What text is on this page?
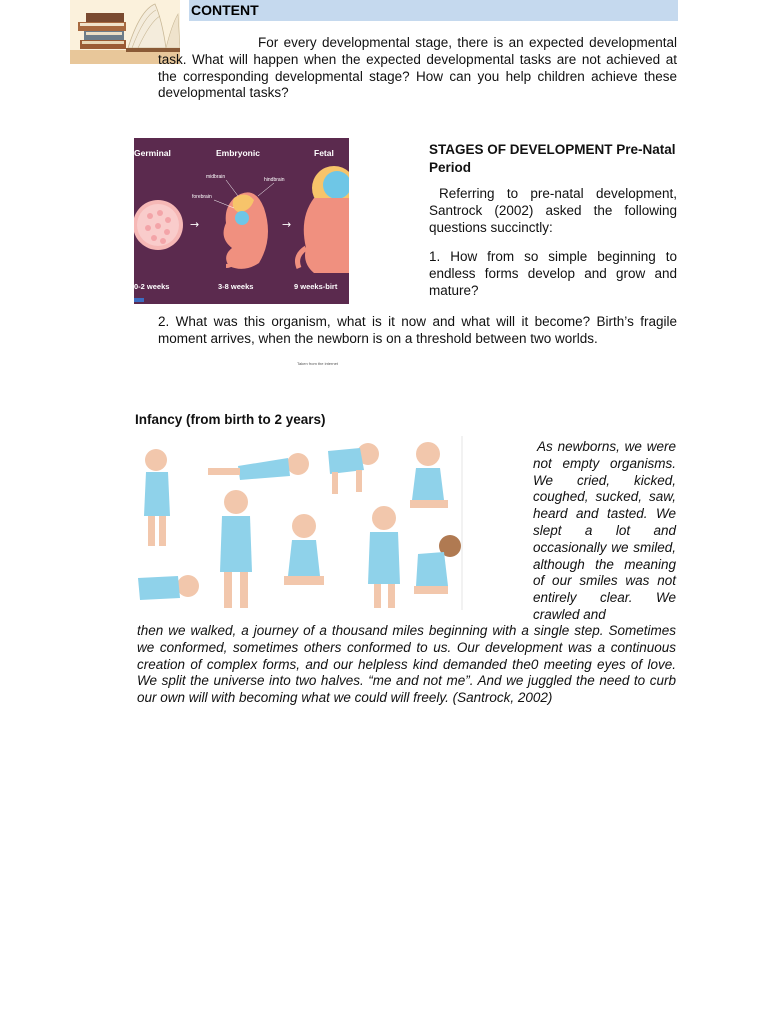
CONTENT
For every developmental stage, there is an expected developmental task. What will happen when the expected developmental tasks are not achieved at the corresponding developmental stage? How can you help children achieve these developmental tasks?
Germinal	Embryonic	Fetal
→	→
midbrain	hindbrain
forebrain
0-2 weeks	3-8 weeks	9 weeks-birt
STAGES OF DEVELOPMENT Pre-Natal Period
Referring to pre-natal development, Santrock (2002) asked the following questions succinctly:
1. How from so simple beginning to endless forms develop and grow and mature?
2. What was this organism, what is it now and what will it become? Birth’s fragile moment arrives, when the newborn is on a threshold between two worlds.
Taken from the internet
Infancy (from birth to 2 years)
As newborns, we were not empty organisms. We cried, kicked, coughed, sucked, saw, heard and tasted. We slept a lot and occasionally we smiled, although the meaning of our smiles was not entirely clear. We crawled and
then we walked, a journey of a thousand miles beginning with a single step. Sometimes we conformed, sometimes others conformed to us. Our development was a continuous creation of complex forms, and our helpless kind demanded the0 meeting eyes of love. We split the universe into two halves. “me and not me”. And we juggled the need to curb our own will with becoming what we could will freely. (Santrock, 2002)
